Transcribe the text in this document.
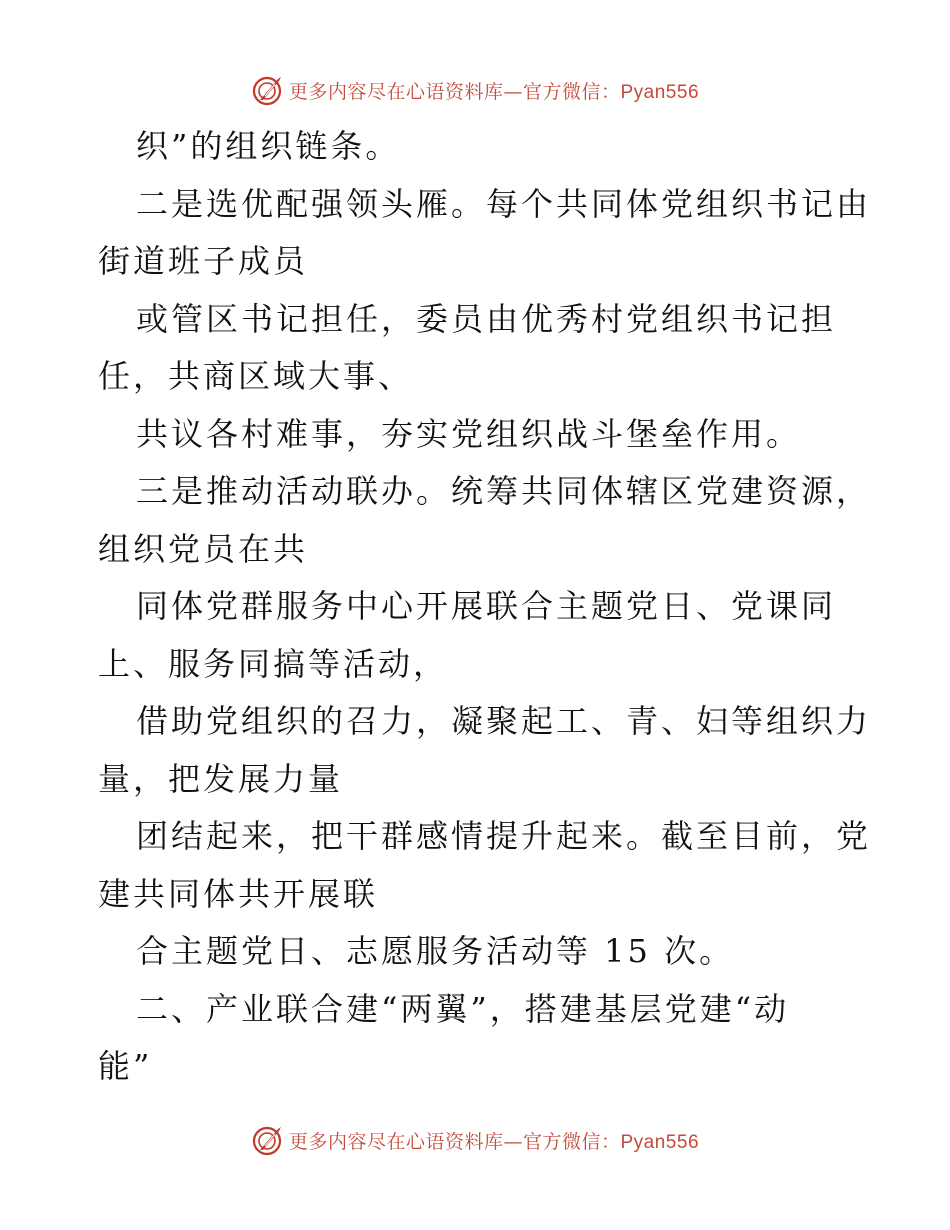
更多内容尽在心语资料库—官方微信：Pyan556
织”的组织链条。
二是选优配强领头雁。每个共同体党组织书记由
街道班子成员
或管区书记担任，委员由优秀村党组织书记担
任，共商区域大事、
共议各村难事，夯实党组织战斗堡垒作用。
三是推动活动联办。统筹共同体辖区党建资源，
组织党员在共
同体党群服务中心开展联合主题党日、党课同
上、服务同搞等活动，
借助党组织的召力，凝聚起工、青、妇等组织力
量，把发展力量
团结起来，把干群感情提升起来。截至目前，党
建共同体共开展联
合主题党日、志愿服务活动等 15 次。
二、产业联合建“两翼”，搭建基层党建“动
能”
更多内容尽在心语资料库—官方微信：Pyan556
